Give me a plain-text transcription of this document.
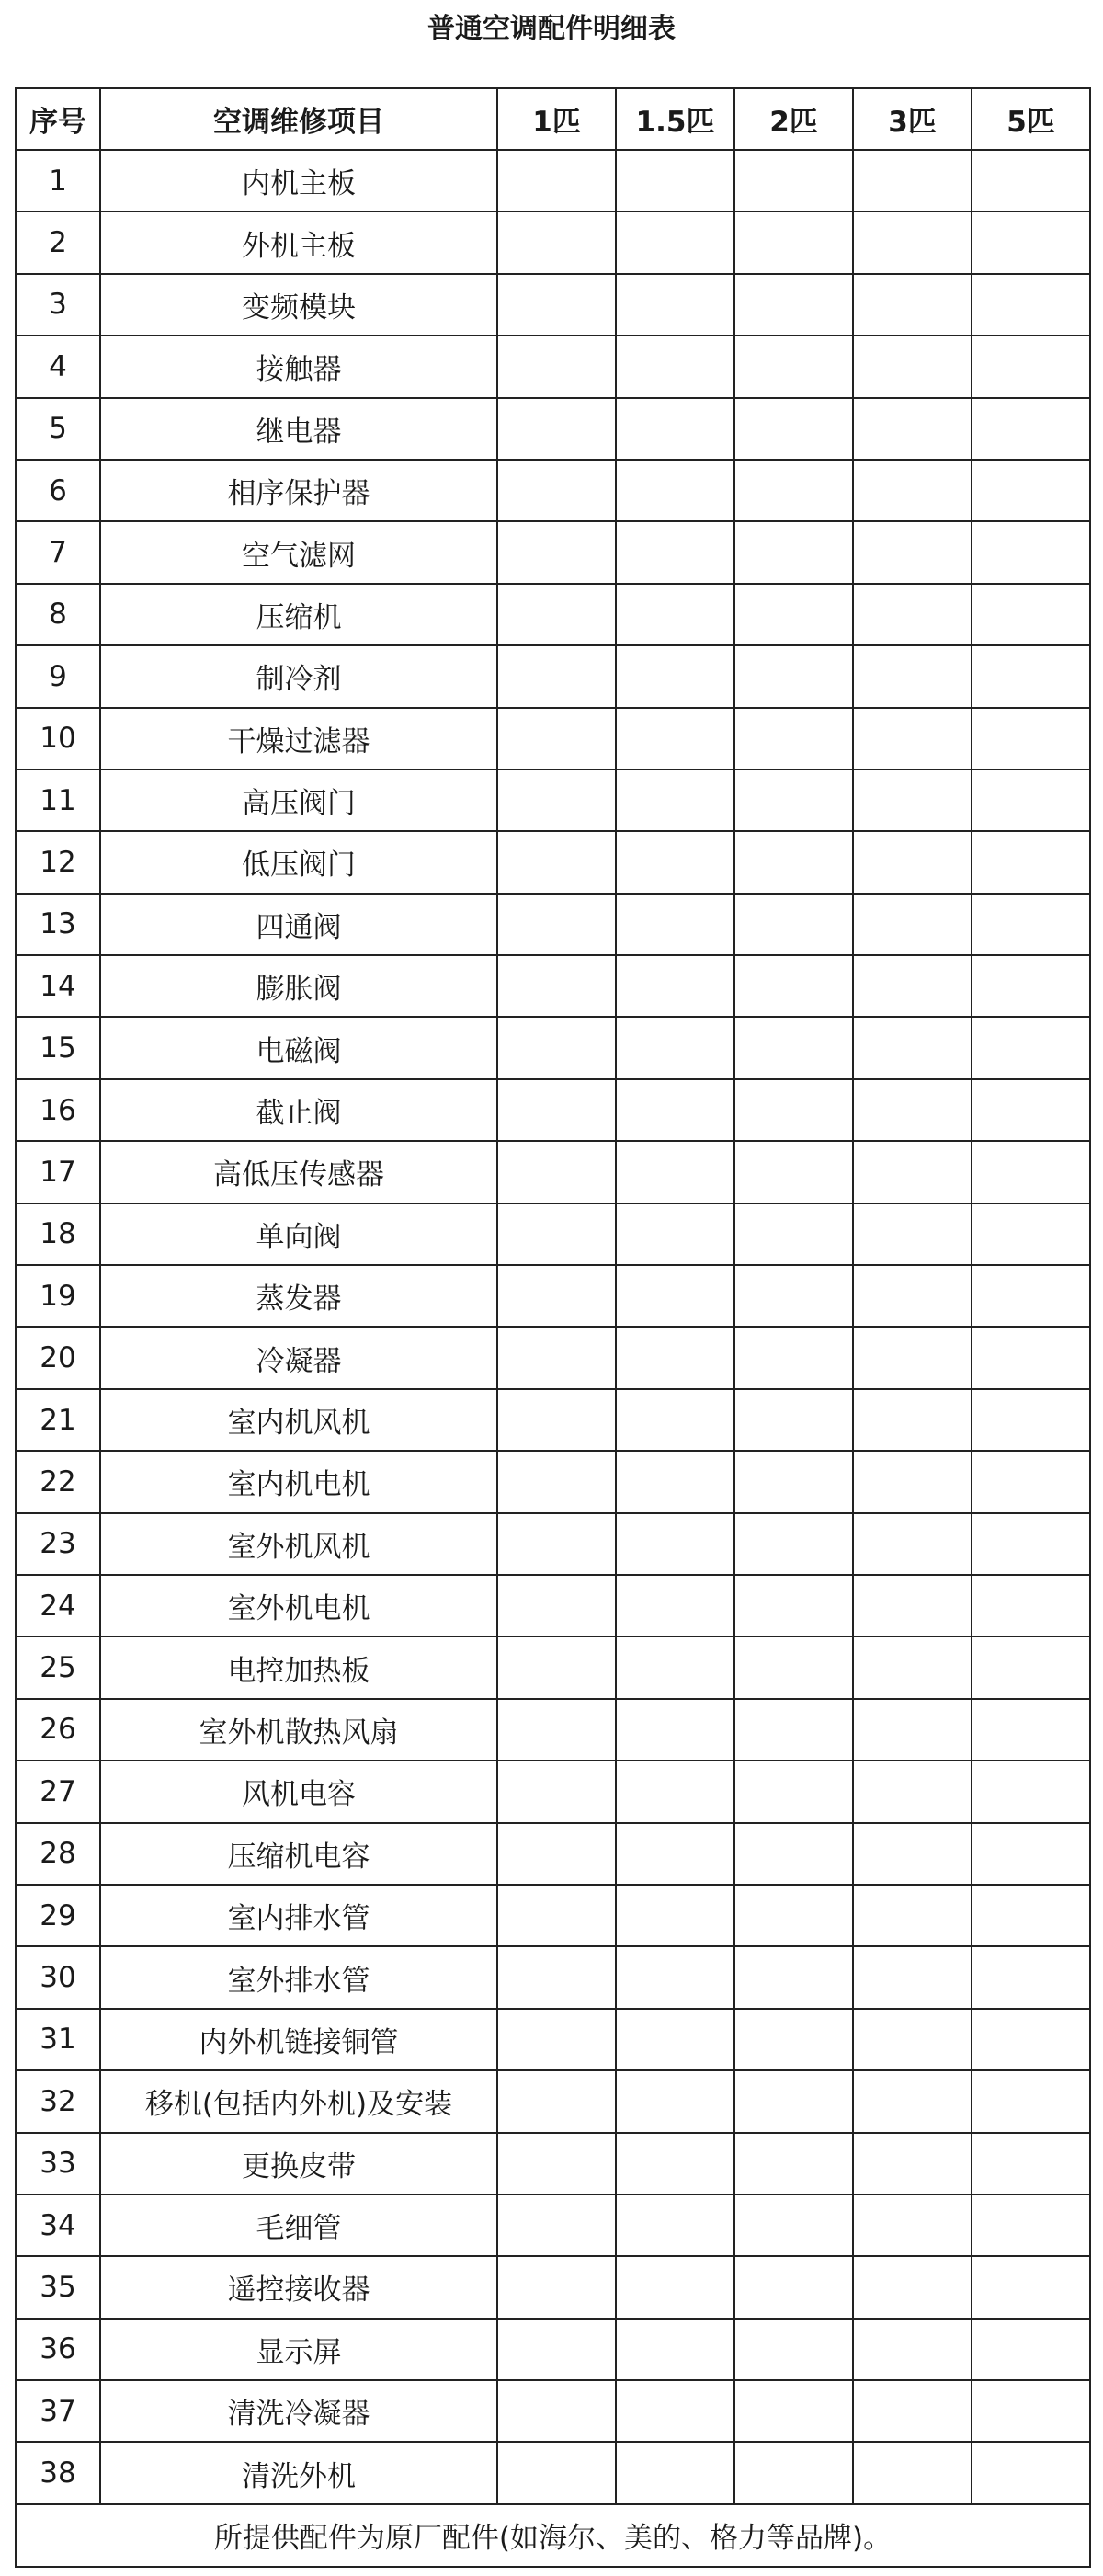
普通空调配件明细表
序号	空调维修项目	1匹	1.5匹	2匹	3匹	5匹
1	内机主板					
2	外机主板					
3	变频模块					
4	接触器					
5	继电器					
6	相序保护器					
7	空气滤网					
8	压缩机					
9	制冷剂					
10	干燥过滤器					
11	高压阀门					
12	低压阀门					
13	四通阀					
14	膨胀阀					
15	电磁阀					
16	截止阀					
17	高低压传感器					
18	单向阀					
19	蒸发器					
20	冷凝器					
21	室内机风机					
22	室内机电机					
23	室外机风机					
24	室外机电机					
25	电控加热板					
26	室外机散热风扇					
27	风机电容					
28	压缩机电容					
29	室内排水管					
30	室外排水管					
31	内外机链接铜管					
32	移机(包括内外机)及安装					
33	更换皮带					
34	毛细管					
35	遥控接收器					
36	显示屏					
37	清洗冷凝器					
38	清洗外机					
所提供配件为原厂配件(如海尔、美的、格力等品牌)。						
